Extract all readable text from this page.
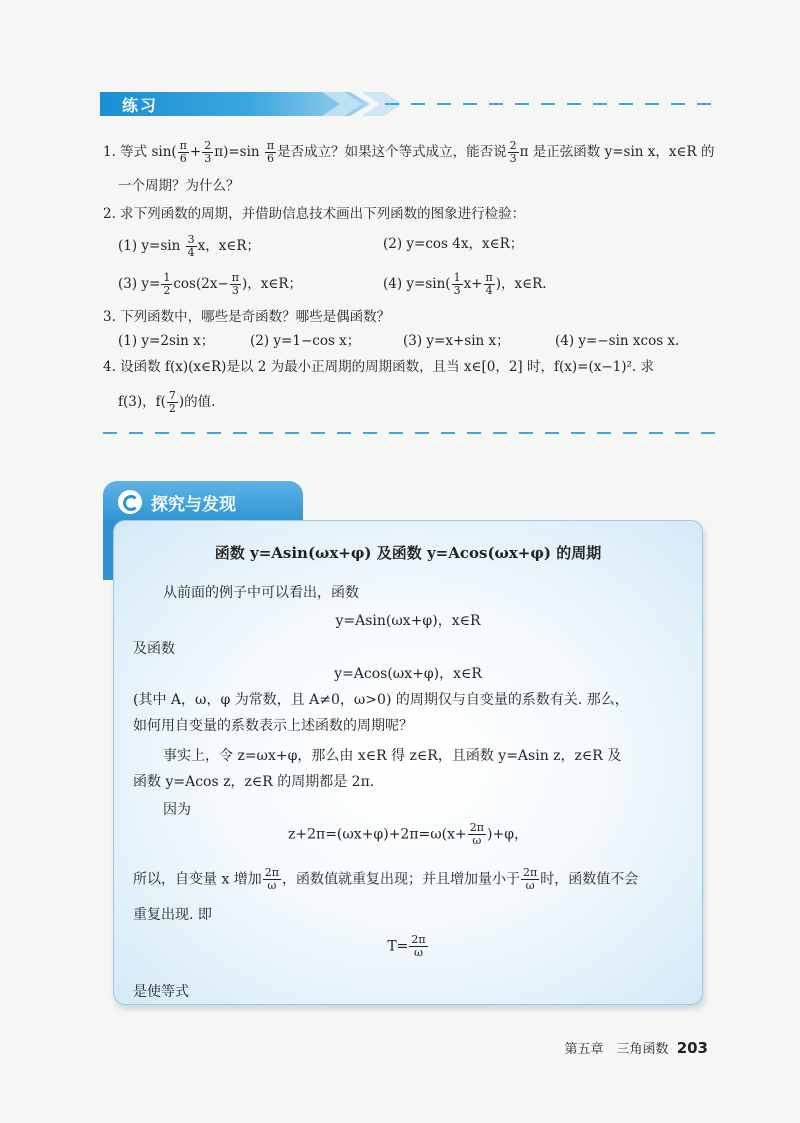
练习
1. 等式 $\sin( \frac{\pi}{6} + \frac{2}{3} \pi)=\sin \frac{\pi}{6}$ 是否成立？如果这个等式成立，能否说 $\frac{2}{3}$ π 是正弦函数 y=sin x，x∈R 的
一个周期？为什么？
2. 求下列函数的周期，并借助信息技术画出下列函数的图象进行检验：
(1) $y=\sin \frac{3}{4}$ x，x∈R；	(2) y=cos 4x，x∈R；
(3) $y= \frac{1}{2} \cos(2x- \frac{\pi}{3}$ )，x∈R；	(4) $y=\sin( \frac{1}{3} x+ \frac{\pi}{4}$ )，x∈R.
3. 下列函数中，哪些是奇函数？哪些是偶函数？
(1) y=2sin x；	(2) y=1−cos x；	(3) y=x+sin x；	(4) y=−sin xcos x.
4. 设函数 f(x)(x∈R)是以 2 为最小正周期的周期函数，且当 x∈[0，2] 时，f(x)=(x−1)². 求
f(3)，$f( \frac{7}{2}$ )的值.
探究与发现
函数 y=Asin(ωx+φ) 及函数 y=Acos(ωx+φ) 的周期
从前面的例子中可以看出，函数
y=Asin(ωx+φ)，x∈R
及函数
y=Acos(ωx+φ)，x∈R
(其中 A，ω，φ 为常数，且 A≠0，ω>0) 的周期仅与自变量的系数有关. 那么，
如何用自变量的系数表示上述函数的周期呢？
事实上，令 z=ωx+φ，那么由 x∈R 得 z∈R，且函数 y=Asin z，z∈R 及
函数 y=Acos z，z∈R 的周期都是 2π.
因为
$z+2\pi=(\omega x+\varphi)+2\pi=\omega(x+ \frac{2\pi}{\omega} )+\varphi$，
所以，自变量 x 增加 $\frac{2\pi}{\omega}$ ，函数值就重复出现；并且增加量小于 $\frac{2\pi}{\omega}$ 时，函数值不会
重复出现. 即
$T= \frac{2\pi}{\omega}$
是使等式
第五章　三角函数 203
